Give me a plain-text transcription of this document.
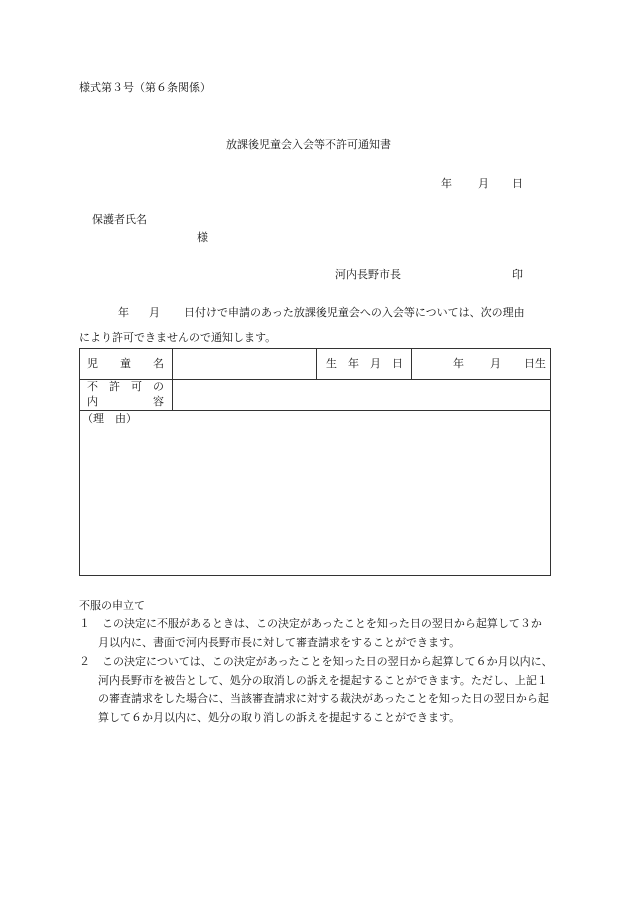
様式第３号（第６条関係）
放課後児童会入会等不許可通知書
年 月 日
保護者氏名
様
河内長野市長	印
年 月 日付けで申請のあった放課後児童会への入会等については、次の理由
により許可できませんので通知します。
児　　童　　名	生　年　月　日	年 月 日生
不　許　可　の
内　　　　　容
（理　由）
不服の申立て
１	この決定に不服があるときは、この決定があったことを知った日の翌日から起算して３か
月以内に、書面で河内長野市長に対して審査請求をすることができます。
２	この決定については、この決定があったことを知った日の翌日から起算して６か月以内に、
河内長野市を被告として、処分の取消しの訴えを提起することができます。ただし、上記１
の審査請求をした場合に、当該審査請求に対する裁決があったことを知った日の翌日から起
算して６か月以内に、処分の取り消しの訴えを提起することができます。
